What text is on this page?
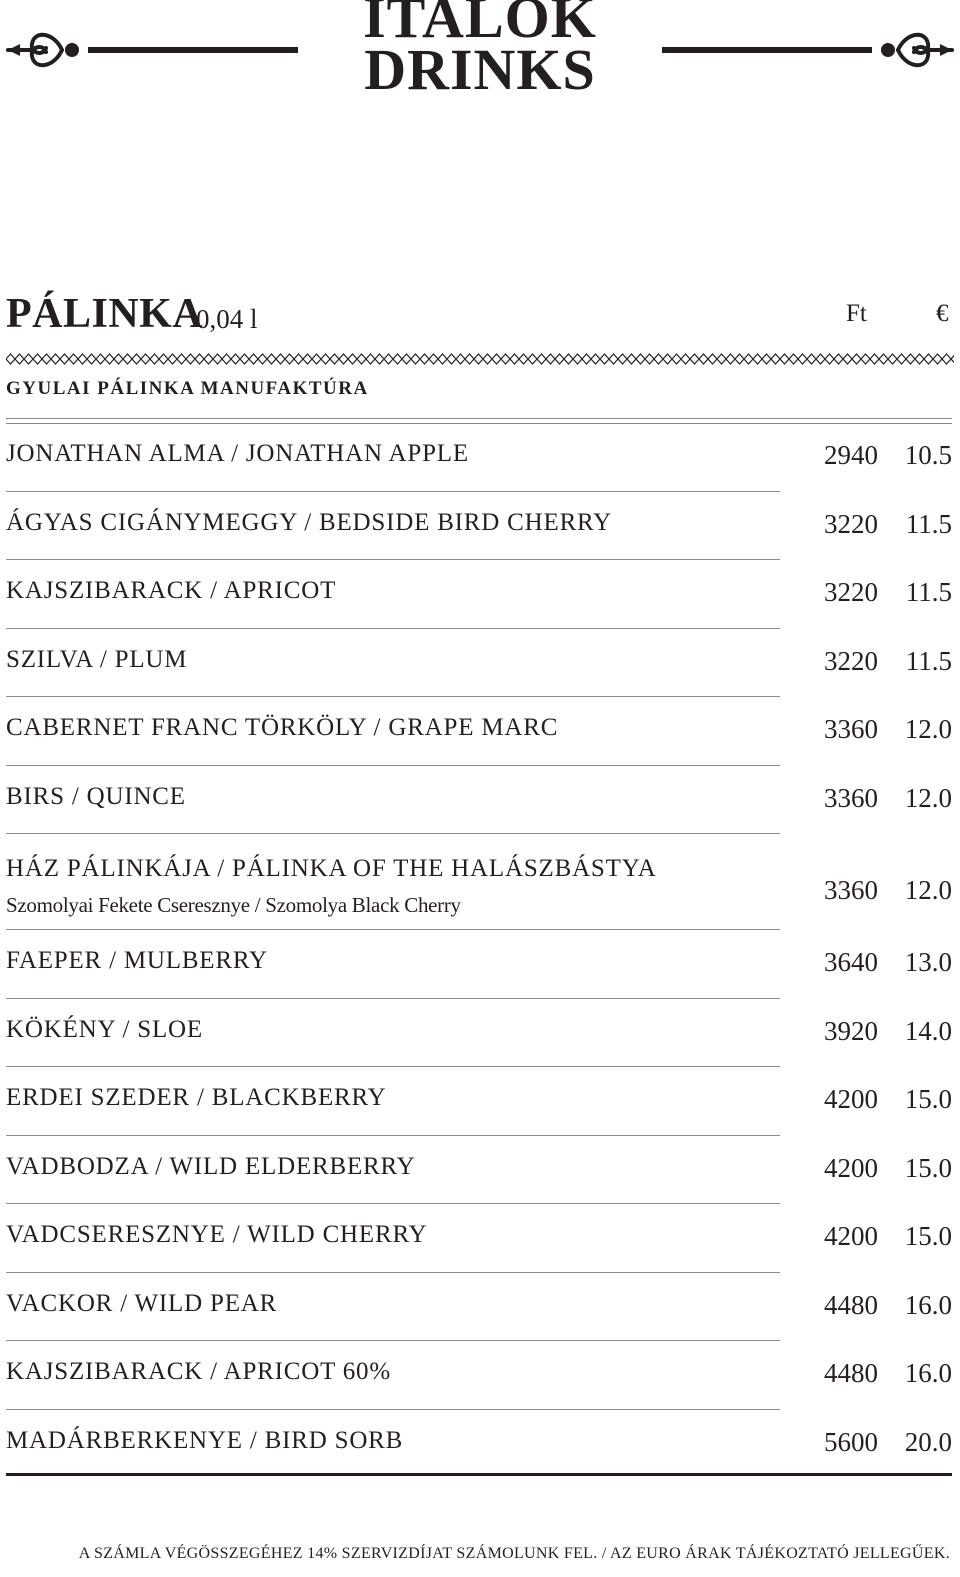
ITALOK
DRINKS
PÁLINKA
0,04 l	Ft	€
GYULAI PÁLINKA MANUFAKTÚRA
JONATHAN ALMA / JONATHAN APPLE	2940 10.5
ÁGYAS CIGÁNYMEGGY / BEDSIDE BIRD CHERRY	3220	11.5
KAJSZIBARACK / APRICOT	3220	11.5
SZILVA / PLUM	3220	11.5
CABERNET FRANC TÖRKÖLY / GRAPE MARC	3360 12.0
BIRS / QUINCE	3360 12.0
HÁZ PÁLINKÁJA / PÁLINKA OF THE HALÁSZBÁSTYA
Szomolyai Fekete Cseresznye / Szomolya Black Cherry	3360 12.0
FAEPER / MULBERRY	3640 13.0
KÖKÉNY / SLOE	3920 14.0
ERDEI SZEDER / BLACKBERRY	4200 15.0
VADBODZA / WILD ELDERBERRY	4200 15.0
VADCSERESZNYE / WILD CHERRY	4200 15.0
VACKOR / WILD PEAR	4480 16.0
KAJSZIBARACK / APRICOT 60%	4480 16.0
MADÁRBERKENYE / BIRD SORB	5600 20.0
A SZÁMLA VÉGÖSSZEGÉHEZ 14% SZERVIZDÍJAT SZÁMOLUNK FEL. / AZ EURO ÁRAK TÁJÉKOZTATÓ JELLEGŰEK.
